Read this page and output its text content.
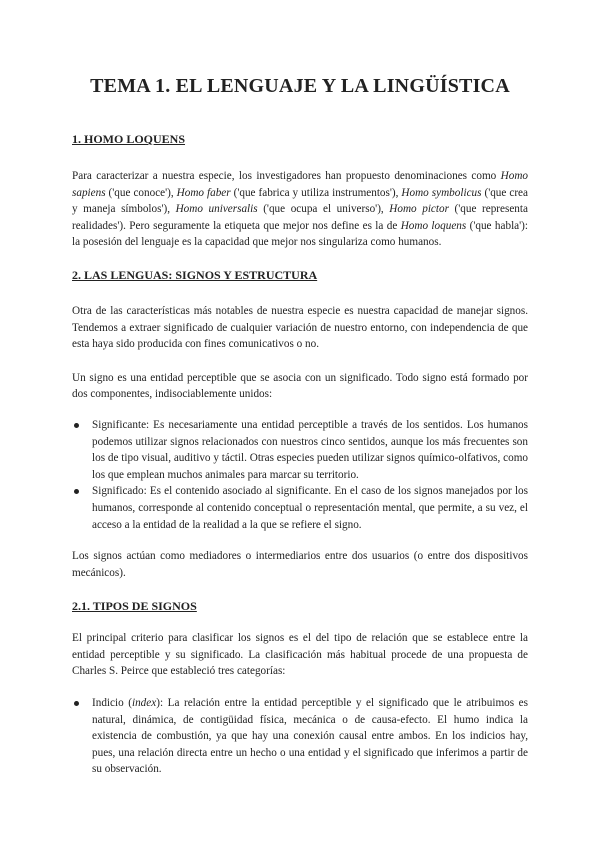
TEMA 1. EL LENGUAJE Y LA LINGÜÍSTICA
1. HOMO LOQUENS

Para caracterizar a nuestra especie, los investigadores han propuesto denominaciones como Homo sapiens ('que conoce'), Homo faber ('que fabrica y utiliza instrumentos'), Homo symbolicus ('que crea y maneja símbolos'), Homo universalis ('que ocupa el universo'), Homo pictor ('que representa realidades'). Pero seguramente la etiqueta que mejor nos define es la de Homo loquens ('que habla'): la posesión del lenguaje es la capacidad que mejor nos singulariza como humanos.

2. LAS LENGUAS: SIGNOS Y ESTRUCTURA

Otra de las características más notables de nuestra especie es nuestra capacidad de manejar signos. Tendemos a extraer significado de cualquier variación de nuestro entorno, con independencia de que esta haya sido producida con fines comunicativos o no.

Un signo es una entidad perceptible que se asocia con un significado. Todo signo está formado por dos componentes, indisociablemente unidos:

Significante: Es necesariamente una entidad perceptible a través de los sentidos. Los humanos podemos utilizar signos relacionados con nuestros cinco sentidos, aunque los más frecuentes son los de tipo visual, auditivo y táctil. Otras especies pueden utilizar signos químico-olfativos, como los que emplean muchos animales para marcar su territorio.
Significado: Es el contenido asociado al significante. En el caso de los signos manejados por los humanos, corresponde al contenido conceptual o representación mental, que permite, a su vez, el acceso a la entidad de la realidad a la que se refiere el signo.

Los signos actúan como mediadores o intermediarios entre dos usuarios (o entre dos dispositivos mecánicos).

2.1. TIPOS DE SIGNOS

El principal criterio para clasificar los signos es el del tipo de relación que se establece entre la entidad perceptible y su significado. La clasificación más habitual procede de una propuesta de Charles S. Peirce que estableció tres categorías:

Indicio (index): La relación entre la entidad perceptible y el significado que le atribuimos es natural, dinámica, de contigüidad física, mecánica o de causa-efecto. El humo indica la existencia de combustión, ya que hay una conexión causal entre ambos. En los indicios hay, pues, una relación directa entre un hecho o una entidad y el significado que inferimos a partir de su observación.
